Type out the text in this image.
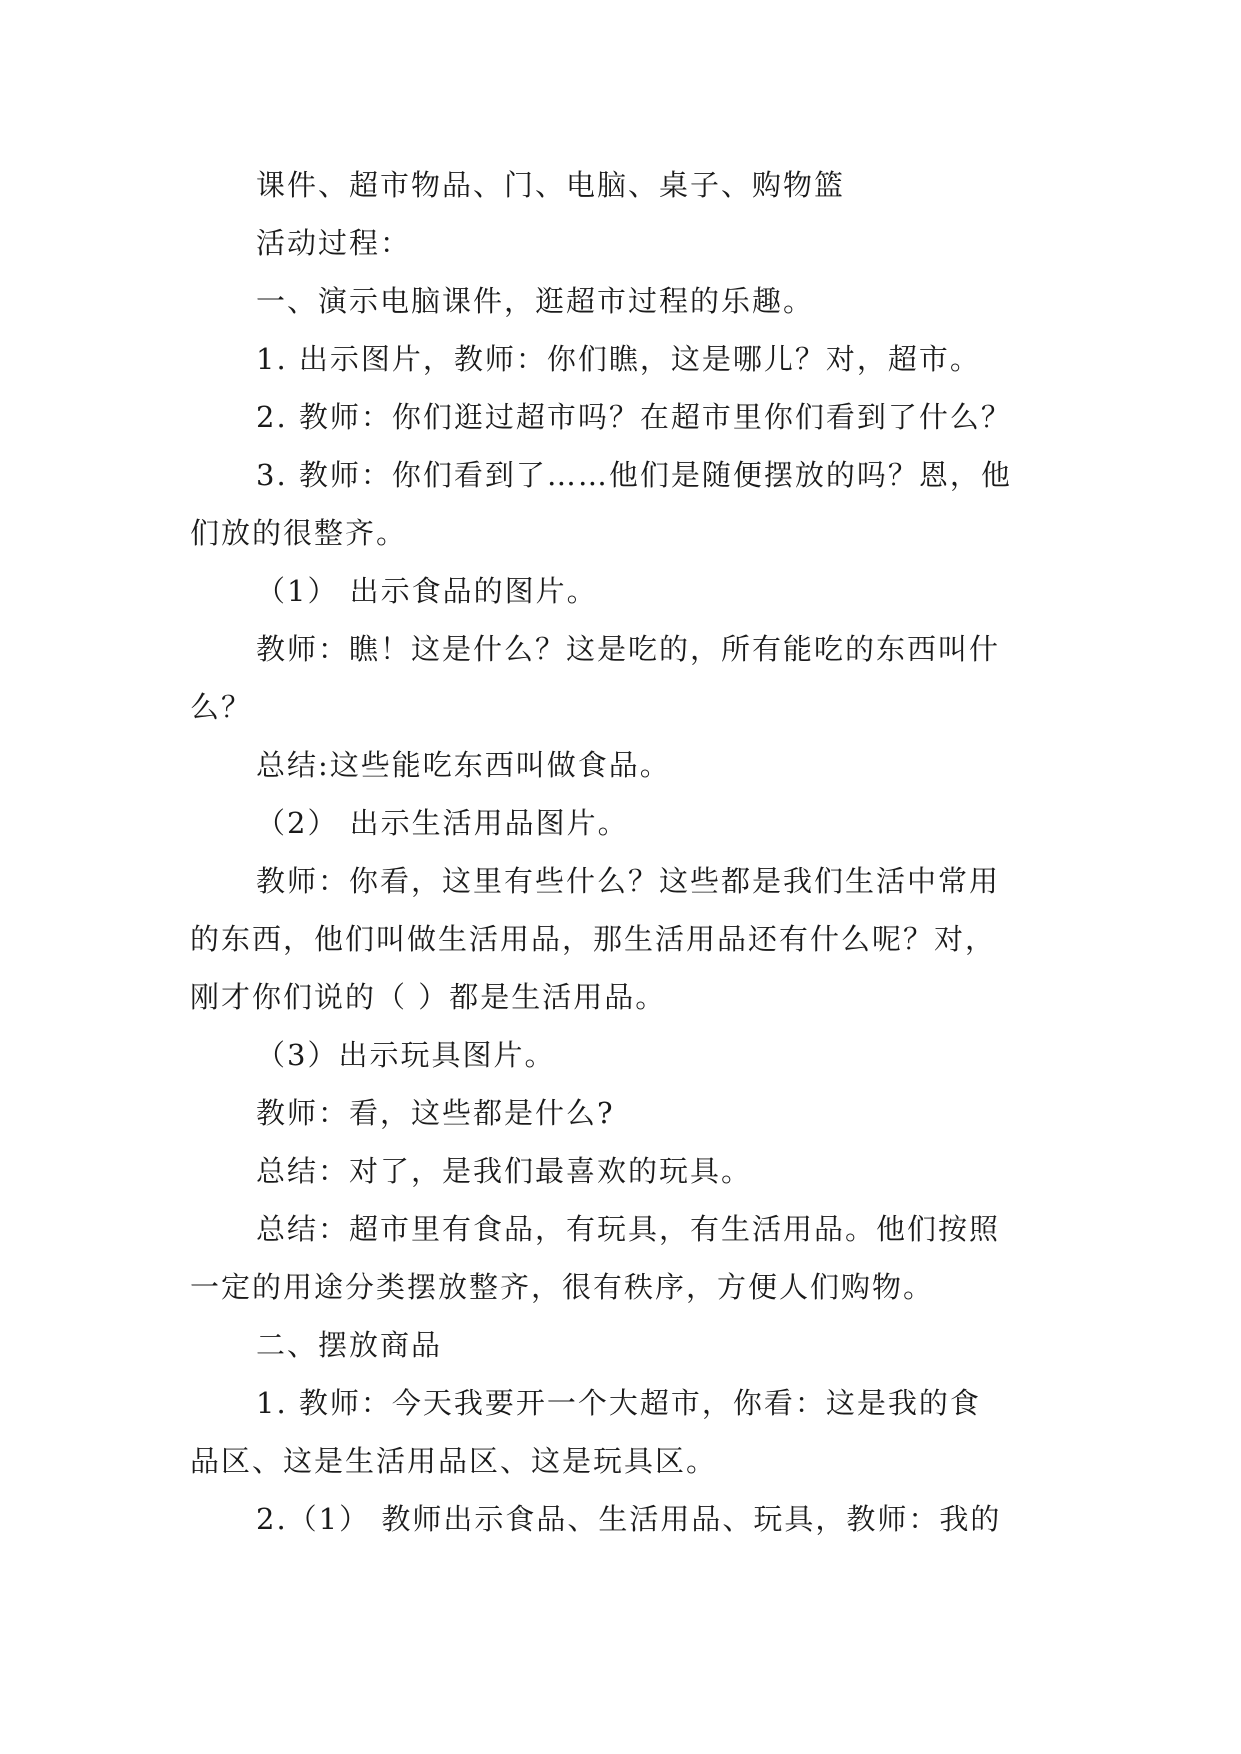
课件、超市物品、门、电脑、桌子、购物篮

活动过程：

一、演示电脑课件，逛超市过程的乐趣。

1. 出示图片，教师：你们瞧，这是哪儿？对，超市。

2. 教师：你们逛过超市吗？在超市里你们看到了什么？

3. 教师：你们看到了……他们是随便摆放的吗？恩，他

们放的很整齐。

（1） 出示食品的图片。

教师：瞧！这是什么？这是吃的，所有能吃的东西叫什

么？

总结:这些能吃东西叫做食品。

（2） 出示生活用品图片。

教师：你看，这里有些什么？这些都是我们生活中常用

的东西，他们叫做生活用品，那生活用品还有什么呢？对，

刚才你们说的（ ）都是生活用品。

（3）出示玩具图片。

教师：看，这些都是什么?

总结：对了，是我们最喜欢的玩具。

总结：超市里有食品，有玩具，有生活用品。他们按照

一定的用途分类摆放整齐，很有秩序，方便人们购物。

二、摆放商品

1. 教师：今天我要开一个大超市，你看：这是我的食

品区、这是生活用品区、这是玩具区。

2.（1） 教师出示食品、生活用品、玩具，教师：我的
